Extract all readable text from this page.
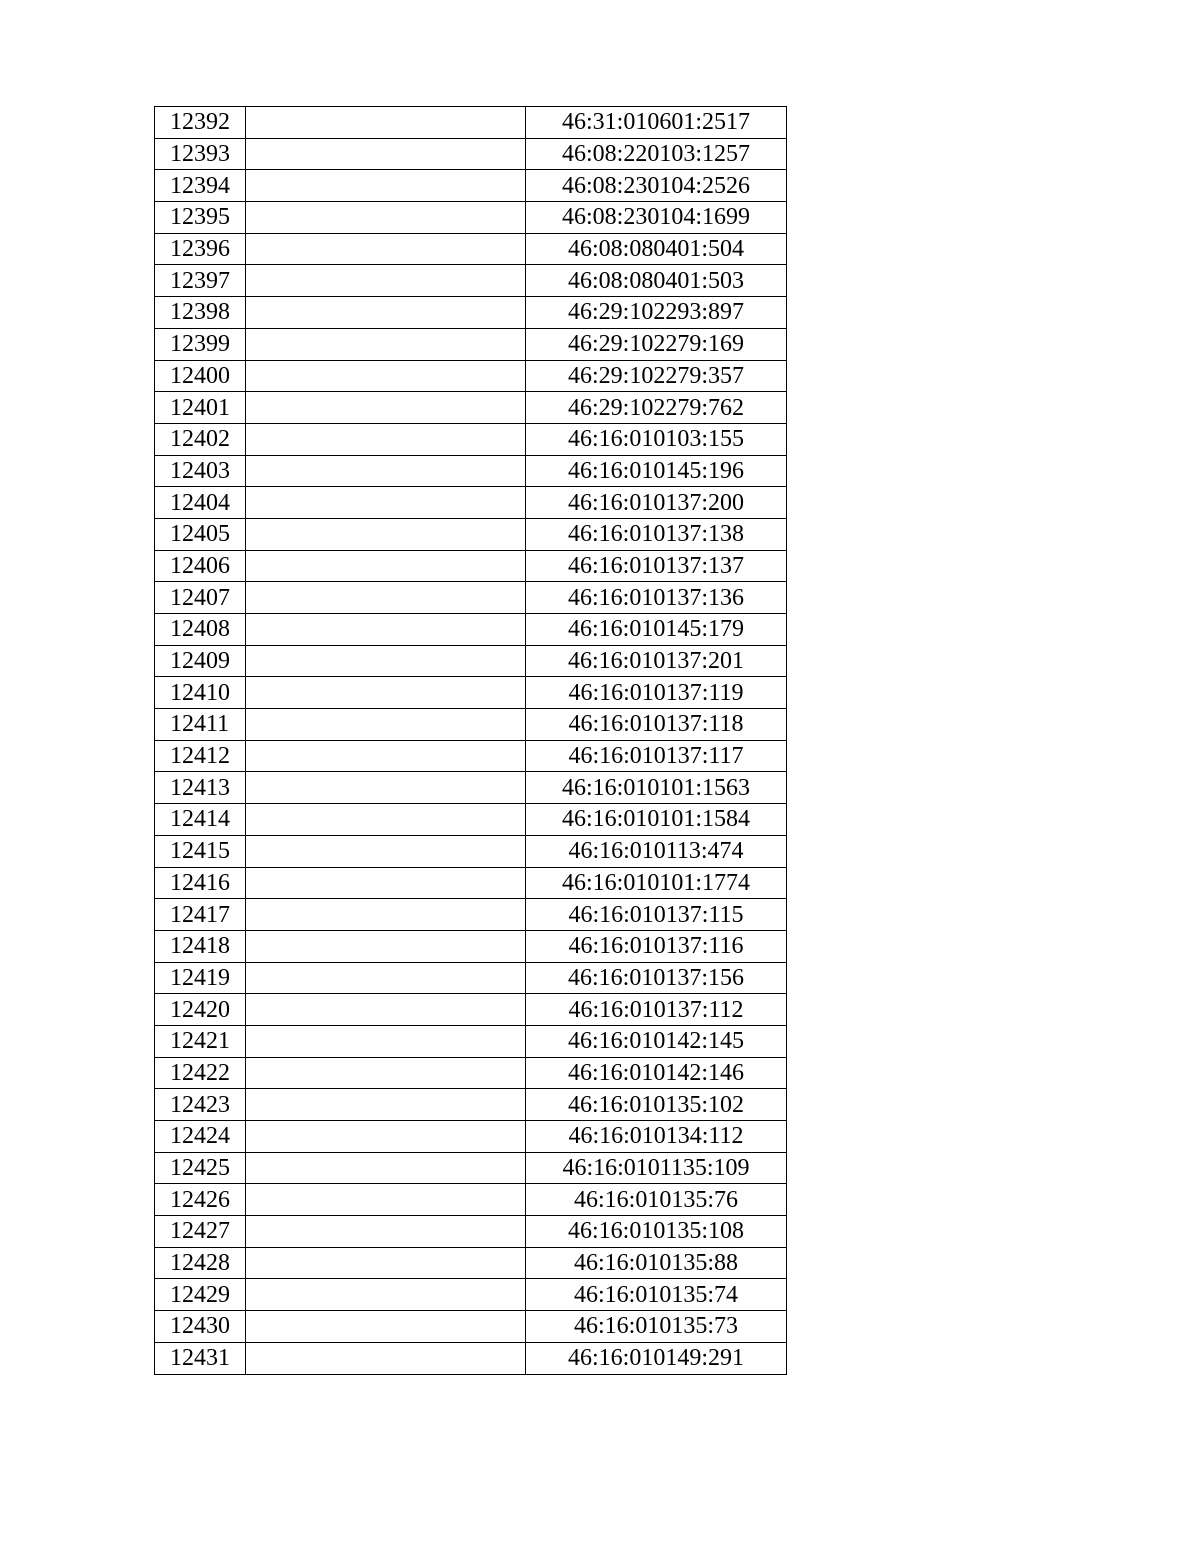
12392		46:31:010601:2517
12393		46:08:220103:1257
12394		46:08:230104:2526
12395		46:08:230104:1699
12396		46:08:080401:504
12397		46:08:080401:503
12398		46:29:102293:897
12399		46:29:102279:169
12400		46:29:102279:357
12401		46:29:102279:762
12402		46:16:010103:155
12403		46:16:010145:196
12404		46:16:010137:200
12405		46:16:010137:138
12406		46:16:010137:137
12407		46:16:010137:136
12408		46:16:010145:179
12409		46:16:010137:201
12410		46:16:010137:119
12411		46:16:010137:118
12412		46:16:010137:117
12413		46:16:010101:1563
12414		46:16:010101:1584
12415		46:16:010113:474
12416		46:16:010101:1774
12417		46:16:010137:115
12418		46:16:010137:116
12419		46:16:010137:156
12420		46:16:010137:112
12421		46:16:010142:145
12422		46:16:010142:146
12423		46:16:010135:102
12424		46:16:010134:112
12425		46:16:0101135:109
12426		46:16:010135:76
12427		46:16:010135:108
12428		46:16:010135:88
12429		46:16:010135:74
12430		46:16:010135:73
12431		46:16:010149:291
